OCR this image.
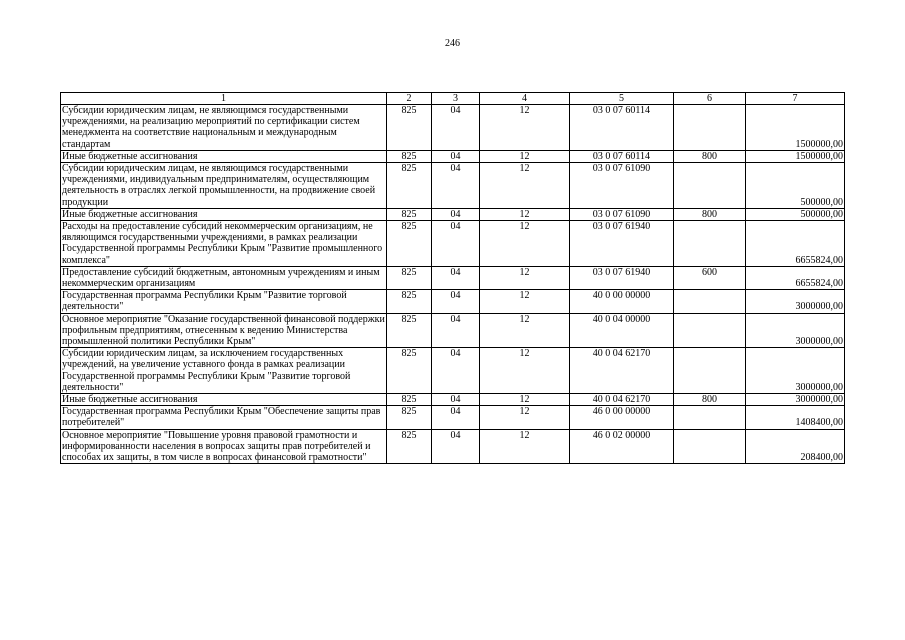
246
1	2	3	4	5	6	7
Субсидии юридическим лицам, не являющимся государственными учреждениями, на реализацию мероприятий по сертификации систем менеджмента на соответствие национальным и международным стандартам	825	04	12	03 0 07 60114		1500000,00
Иные бюджетные ассигнования	825	04	12	03 0 07 60114	800	1500000,00
Субсидии юридическим лицам, не являющимся государственными учреждениями, индивидуальным предпринимателям, осуществляющим деятельность в отраслях легкой промышленности, на продвижение своей продукции	825	04	12	03 0 07 61090		500000,00
Иные бюджетные ассигнования	825	04	12	03 0 07 61090	800	500000,00
Расходы на предоставление субсидий некоммерческим организациям, не являющимся государственными учреждениями, в рамках реализации Государственной программы Республики Крым "Развитие промышленного комплекса"	825	04	12	03 0 07 61940		6655824,00
Предоставление субсидий бюджетным, автономным учреждениям и иным некоммерческим организациям	825	04	12	03 0 07 61940	600	6655824,00
Государственная программа Республики Крым "Развитие торговой деятельности"	825	04	12	40 0 00 00000		3000000,00
Основное мероприятие "Оказание государственной финансовой поддержки профильным предприятиям, отнесенным к ведению Министерства промышленной политики Республики Крым"	825	04	12	40 0 04 00000		3000000,00
Субсидии юридическим лицам, за исключением государственных учреждений, на увеличение уставного фонда в рамках реализации Государственной программы Республики Крым "Развитие торговой деятельности"	825	04	12	40 0 04 62170		3000000,00
Иные бюджетные ассигнования	825	04	12	40 0 04 62170	800	3000000,00
Государственная программа Республики Крым "Обеспечение защиты прав потребителей"	825	04	12	46 0 00 00000		1408400,00
Основное мероприятие "Повышение уровня правовой грамотности и информированности населения в вопросах защиты прав потребителей и способах их защиты, в том числе в вопросах финансовой грамотности"	825	04	12	46 0 02 00000		208400,00
